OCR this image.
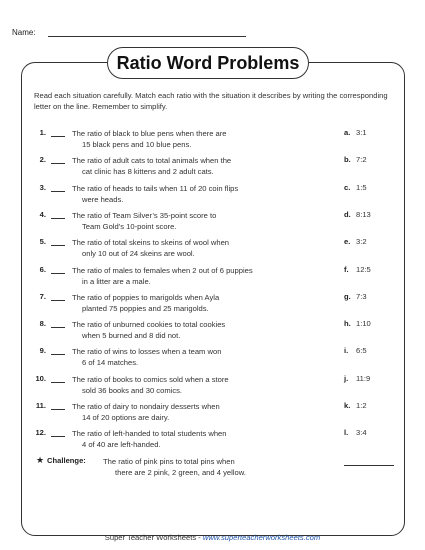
Name:
Ratio Word Problems
Read each situation carefully. Match each ratio with the situation it describes by writing the corresponding letter on the line. Remember to simplify.
1.	The ratio of black to blue pens when there are
15 black pens and 10 blue pens.
a. 3:1
2.	The ratio of adult cats to total animals when the
cat clinic has 8 kittens and 2 adult cats.
b. 7:2
3.	The ratio of heads to tails when 11 of 20 coin flips
were heads.
c. 1:5
4.	The ratio of Team Silver’s 35-point score to
Team Gold’s 10-point score.
d. 8:13
5.	The ratio of total skeins to skeins of wool when
only 10 out of 24 skeins are wool.
e. 3:2
6.	The ratio of males to females when 2 out of 6 puppies
in a litter are a male.
f. 12:5
7.	The ratio of poppies to marigolds when Ayla
planted 75 poppies and 25 marigolds.
g. 7:3
8.	The ratio of unburned cookies to total cookies
when 5 burned and 8 did not.
h. 1:10
9.	The ratio of wins to losses when a team won
6 of 14 matches.
i. 6:5
10.	The ratio of books to comics sold when a store
sold 36 books and 30 comics.
j. 11:9
11.	The ratio of dairy to nondairy desserts when
14 of 20 options are dairy.
k. 1:2
12.	The ratio of left-handed to total students when
4 of 40 are left-handed.
l. 3:4
★ Challenge: The ratio of pink pins to total pins when
there are 2 pink, 2 green, and 4 yellow.
Super Teacher Worksheets - www.superteacherworksheets.com
